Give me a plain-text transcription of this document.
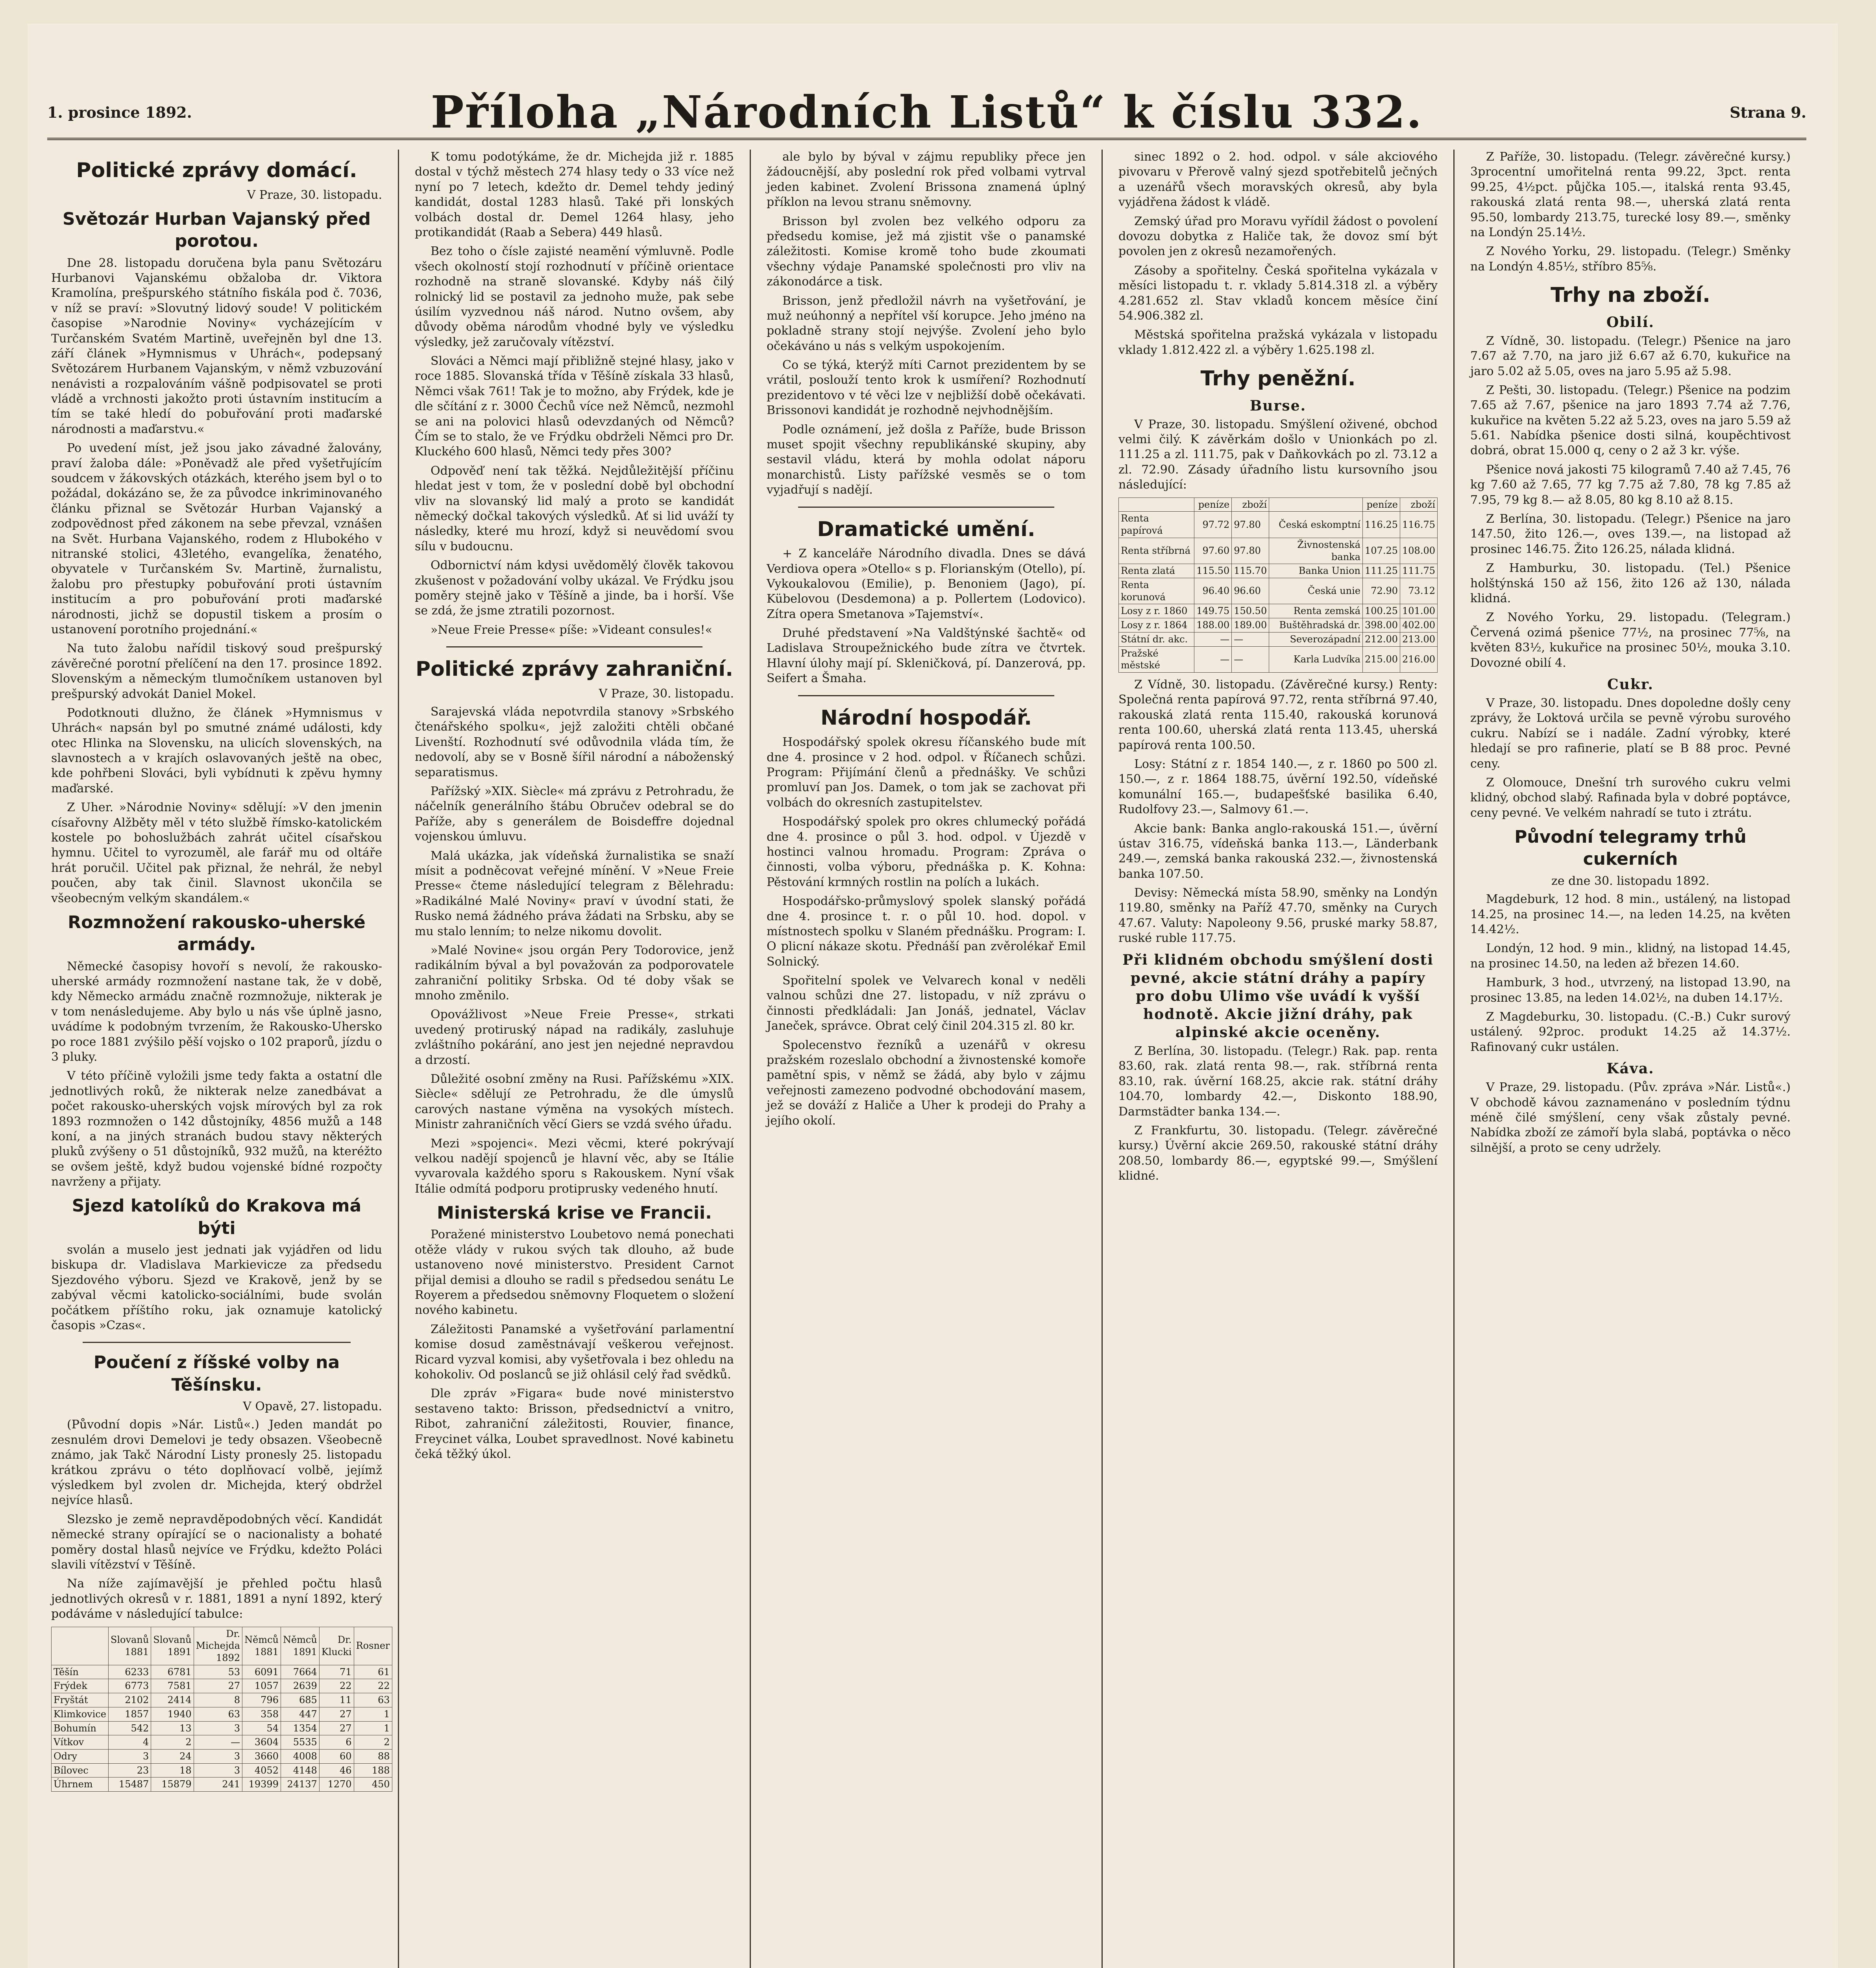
1. prosince 1892.	Příloha „Národních Listů“ k číslu 332.	Strana 9.
Politické zprávy domácí.
V Praze, 30. listopadu.
Světozár Hurban Vajanský před porotou.

Dne 28. listopadu doručena byla panu Světozáru Hurbanovi Vajanskému obžaloba dr. Viktora Kramolína, prešpurského státního fiskála pod č. 7036, v níž se praví: »Slovutný lidový soude! V politickém časopise »Narodnie Noviny« vycházejícím v Turčanském Svatém Martině, uveřejněn byl dne 13. září článek »Hymnismus v Uhrách«, podepsaný Světozárem Hurbanem Vajanským, v němž vzbuzování nenávisti a rozpalováním vášně podpisovatel se proti vládě a vrchnosti jakožto proti ústavním institucím a tím se také hledí do pobuřování proti maďarské národnosti a maďarstvu.«

Po uvedení míst, jež jsou jako závadné žalovány, praví žaloba dále: »Poněvadž ale před vyšetřujícím soudcem v žákovských otázkách, kterého jsem byl o to požádal, dokázáno se, že za původce inkriminovaného článku přiznal se Světozár Hurban Vajanský a zodpovědnost před zákonem na sebe převzal, vznášen na Svět. Hurbana Vajanského, rodem z Hlubokého v nitranské stolici, 43letého, evangelíka, ženatého, obyvatele v Turčanském Sv. Martině, žurnalistu, žalobu pro přestupky pobuřování proti ústavním institucím a pro pobuřování proti maďarské národnosti, jichž se dopustil tiskem a prosím o ustanovení porotního projednání.«

Na tuto žalobu nařídil tiskový soud prešpurský závěrečné porotní přelíčení na den 17. prosince 1892. Slovenským a německým tlumočníkem ustanoven byl prešpurský advokát Daniel Mokel.

Podotknouti dlužno, že článek »Hymnismus v Uhrách« napsán byl po smutné známé události, kdy otec Hlinka na Slovensku, na ulicích slovenských, na slavnostech a v krajích oslavovaných ještě na obec, kde pohřbeni Slováci, byli vybídnuti k zpěvu hymny maďarské.

Z Uher. »Národnie Noviny« sdělují: »V den jmenin císařovny Alžběty měl v této službě římsko-katolickém kostele po bohoslužbách zahrát učitel císařskou hymnu. Učitel to vyrozuměl, ale farář mu od oltáře hrát poručil. Učitel pak přiznal, že nehrál, že nebyl poučen, aby tak činil. Slavnost ukončila se všeobecným velkým skandálem.«

Rozmnožení rakousko-uherské armády.

Německé časopisy hovoří s nevolí, že rakousko-uherské armády rozmnožení nastane tak, že v době, kdy Německo armádu značně rozmnožuje, nikterak je v tom nenásledujeme. Aby bylo u nás vše úplně jasno, uvádíme k podobným tvrzením, že Rakousko-Uhersko po roce 1881 zvýšilo pěší vojsko o 102 praporů, jízdu o 3 pluky.

V této příčině vyložili jsme tedy fakta a ostatní dle jednotlivých roků, že nikterak nelze zanedbávat a počet rakousko-uherských vojsk mírových byl za rok 1893 rozmnožen o 142 důstojníky, 4856 mužů a 148 koní, a na jiných stranách budou stavy některých pluků zvýšeny o 51 důstojníků, 932 mužů, na kteréžto se ovšem ještě, když budou vojenské bídné rozpočty navrženy a přijaty.

Sjezd katolíků do Krakova má býti

svolán a muselo jest jednati jak vyjádřen od lidu biskupa dr. Vladislava Markievicze za předsedu Sjezdového výboru. Sjezd ve Krakově, jenž by se zabýval věcmi katolicko-sociálními, bude svolán počátkem příštího roku, jak oznamuje katolický časopis »Czas«.

Poučení z říšské volby na Těšínsku.
V Opavě, 27. listopadu.

(Původní dopis »Nár. Listů«.) Jeden mandát po zesnulém drovi Demelovi je tedy obsazen. Všeobecně známo, jak Takč Národní Listy pronesly 25. listopadu krátkou zprávu o této doplňovací volbě, jejímž výsledkem byl zvolen dr. Michejda, který obdržel nejvíce hlasů.

Slezsko je země nepravděpodobných věcí. Kandidát německé strany opírající se o nacionalisty a bohaté poměry dostal hlasů nejvíce ve Frýdku, kdežto Poláci slavili vítězství v Těšíně.

Na níže zajímavější je přehled počtu hlasů jednotlivých okresů v r. 1881, 1891 a nyní 1892, který podáváme v následující tabulce:

	Slovanů 1881	Slovanů 1891	Dr. Michejda 1892	Němců 1881	Němců 1891	Dr. Klucki	Rosner
Těšín	6233	6781	53	6091	7664	71	61
Frýdek	6773	7581	27	1057	2639	22	22
Fryštát	2102	2414	8	796	685	11	63
Klimkovice	1857	1940	63	358	447	27	1
Bohumín	542	13	3	54	1354	27	1
Vítkov	4	2	—	3604	5535	6	2
Odry	3	24	3	3660	4008	60	88
Bílovec	23	18	3	4052	4148	46	188
Úhrnem	15487	15879	241	19399	24137	1270	450

K tomu podotýkáme, že dr. Michejda již r. 1885 dostal v týchž městech 274 hlasy tedy o 33 více než nyní po 7 letech, kdežto dr. Demel tehdy jediný kandidát, dostal 1283 hlasů. Také při lonských volbách dostal dr. Demel 1264 hlasy, jeho protikandidát (Raab a Sebera) 449 hlasů.

Bez toho o čísle zajisté neamění výmluvně. Podle všech okolností stojí rozhodnutí v příčině orientace rozhodně na straně slovanské. Kdyby náš čilý rolnický lid se postavil za jednoho muže, pak sebe úsilím vyzvednou náš národ. Nutno ovšem, aby důvody oběma národům vhodné byly ve výsledku výsledky, jež zaručovaly vítězství.

Slováci a Němci mají přibližně stejné hlasy, jako v roce 1885. Slovanská třída v Těšíně získala 33 hlasů, Němci však 761! Tak je to možno, aby Frýdek, kde je dle sčítání z r. 3000 Čechů více než Němců, nezmohl se ani na polovici hlasů odevzdaných od Němců? Čím se to stalo, že ve Frýdku obdrželi Němci pro Dr. Kluckého 600 hlasů, Němci tedy přes 300?

Odpověď není tak těžká. Nejdůležitější příčinu hledat jest v tom, že v poslední době byl obchodní vliv na slovanský lid malý a proto se kandidát německý dočkal takových výsledků. Ať si lid uváží ty následky, které mu hrozí, když si neuvědomí svou sílu v budoucnu.

Odbornictví nám kdysi uvědomělý člověk takovou zkušenost v požadování volby ukázal. Ve Frýdku jsou poměry stejně jako v Těšíně a jinde, ba i horší. Vše se zdá, že jsme ztratili pozornost.

»Neue Freie Presse« píše: »Videant consules!«

Politické zprávy zahraniční.
V Praze, 30. listopadu.

Sarajevská vláda nepotvrdila stanovy »Srbského čtenářského spolku«, jejž založiti chtěli občané Livenští. Rozhodnutí své odůvodnila vláda tím, že nedovolí, aby se v Bosně šířil národní a náboženský separatismus.

Pařížský »XIX. Siècle« má zprávu z Petrohradu, že náčelník generálního štábu Obručev odebral se do Paříže, aby s generálem de Boisdeffre dojednal vojenskou úmluvu.

Malá ukázka, jak vídeňská žurnalistika se snaží mísit a podněcovat veřejné mínění. V »Neue Freie Presse« čteme následující telegram z Bělehradu: »Radikálné Malé Noviny« praví v úvodní stati, že Rusko nemá žádného práva žádati na Srbsku, aby se mu stalo lenním; to nelze nikomu dovolit.

»Malé Novine« jsou orgán Pery Todorovice, jenž radikálním býval a byl považován za podporovatele zahraniční politiky Srbska. Od té doby však se mnoho změnilo.

Opovážlivost »Neue Freie Presse«, strkati uvedený protiruský nápad na radikály, zasluhuje zvláštního pokárání, ano jest jen nejedné nepravdou a drzostí.

Důležité osobní změny na Rusi. Pařížskému »XIX. Siècle« sdělují ze Petrohradu, že dle úmyslů carových nastane výměna na vysokých místech. Ministr zahraničních věcí Giers se vzdá svého úřadu.

Mezi »spojenci«. Mezi věcmi, které pokrývají velkou nadějí spojenců je hlavní věc, aby se Itálie vyvarovala každého sporu s Rakouskem. Nyní však Itálie odmítá podporu protiprusky vedeného hnutí.

Ministerská krise ve Francii.

Poražené ministerstvo Loubetovo nemá ponechati otěže vlády v rukou svých tak dlouho, až bude ustanoveno nové ministerstvo. President Carnot přijal demisi a dlouho se radil s předsedou senátu Le Royerem a předsedou sněmovny Floquetem o složení nového kabinetu.

Záležitosti Panamské a vyšetřování parlamentní komise dosud zaměstnávají veškerou veřejnost. Ricard vyzval komisi, aby vyšetřovala i bez ohledu na kohokoliv. Od poslanců se již ohlásil celý řad svědků.

Dle zpráv »Figara« bude nové ministerstvo sestaveno takto: Brisson, předsednictví a vnitro, Ribot, zahraniční záležitosti, Rouvier, finance, Freycinet válka, Loubet spravedlnost. Nové kabinetu čeká těžký úkol.

ale bylo by býval v zájmu republiky přece jen žádoucnější, aby poslední rok před volbami vytrval jeden kabinet. Zvolení Brissona znamená úplný příklon na levou stranu sněmovny.

Brisson byl zvolen bez velkého odporu za předsedu komise, jež má zjistit vše o panamské záležitosti. Komise kromě toho bude zkoumati všechny výdaje Panamské společnosti pro vliv na zákonodárce a tisk.

Brisson, jenž předložil návrh na vyšetřování, je muž neúhonný a nepřítel vší korupce. Jeho jméno na pokladně strany stojí nejvýše. Zvolení jeho bylo očekáváno u nás s velkým uspokojením.

Co se týká, kterýž míti Carnot prezidentem by se vrátil, poslouží tento krok k usmíření? Rozhodnutí prezidentovo v té věci lze v nejbližší době očekávati. Brissonovi kandidát je rozhodně nejvhodnějším.

Podle oznámení, jež došla z Paříže, bude Brisson muset spojit všechny republikánské skupiny, aby sestavil vládu, která by mohla odolat náporu monarchistů. Listy pařížské vesměs se o tom vyjadřují s nadějí.

Dramatické umění.

+ Z kanceláře Národního divadla. Dnes se dává Verdiova opera »Otello« s p. Florianským (Otello), pí. Vykoukalovou (Emilie), p. Benoniem (Jago), pí. Kübelovou (Desdemona) a p. Pollertem (Lodovico). Zítra opera Smetanova »Tajemství«.

Druhé představení »Na Valdštýnské šachtě« od Ladislava Stroupežnického bude zítra ve čtvrtek. Hlavní úlohy mají pí. Skleničková, pí. Danzerová, pp. Seifert a Šmaha.

Národní hospodář.

Hospodářský spolek okresu říčanského bude mít dne 4. prosince v 2 hod. odpol. v Říčanech schůzi. Program: Přijímání členů a přednášky. Ve schůzi promluví pan Jos. Damek, o tom jak se zachovat při volbách do okresních zastupitelstev.

Hospodářský spolek pro okres chlumecký pořádá dne 4. prosince o půl 3. hod. odpol. v Újezdě v hostinci valnou hromadu. Program: Zpráva o činnosti, volba výboru, přednáška p. K. Kohna: Pěstování krmných rostlin na polích a lukách.

Hospodářsko-průmyslový spolek slanský pořádá dne 4. prosince t. r. o půl 10. hod. dopol. v místnostech spolku v Slaném přednášku. Program: I. O plicní nákaze skotu. Přednáší pan zvěrolékař Emil Solnický.

Spořitelní spolek ve Velvarech konal v neděli valnou schůzi dne 27. listopadu, v níž zprávu o činnosti předkládali: Jan Jonáš, jednatel, Václav Janeček, správce. Obrat celý činil 204.315 zl. 80 kr.

Spolecenstvo řezníků a uzenářů v okresu pražském rozeslalo obchodní a živnostenské komoře pamětní spis, v němž se žádá, aby bylo v zájmu veřejnosti zamezeno podvodné obchodování masem, jež se dováží z Haliče a Uher k prodeji do Prahy a jejího okolí.

sinec 1892 o 2. hod. odpol. v sále akciového pivovaru v Přerově valný sjezd spotřebitelů ječných a uzenářů všech moravských okresů, aby byla vyjádřena žádost k vládě.

Zemský úřad pro Moravu vyřídil žádost o povolení dovozu dobytka z Haliče tak, že dovoz smí být povolen jen z okresů nezamořených.

Zásoby a spořitelny. Česká spořitelna vykázala v měsíci listopadu t. r. vklady 5.814.318 zl. a výběry 4.281.652 zl. Stav vkladů koncem měsíce činí 54.906.382 zl.

Městská spořitelna pražská vykázala v listopadu vklady 1.812.422 zl. a výběry 1.625.198 zl.

Trhy peněžní.
Burse.

V Praze, 30. listopadu. Smýšlení oživené, obchod velmi čilý. K závěrkám došlo v Unionkách po zl. 111.25 a zl. 111.75, pak v Daňkovkách po zl. 73.12 a zl. 72.90. Zásady úřadního listu kursovního jsou následující:

	peníze	zboží		peníze	zboží
Renta papírová	97.72	97.80	Česká eskomptní	116.25	116.75
Renta stříbrná	97.60	97.80	Živnostenská banka	107.25	108.00
Renta zlatá	115.50	115.70	Banka Union	111.25	111.75
Renta korunová	96.40	96.60	Česká unie	72.90	73.12
Losy z r. 1860	149.75	150.50	Renta zemská	100.25	101.00
Losy z r. 1864	188.00	189.00	Buštěhradská dr.	398.00	402.00
Státní dr. akc.	—	—	Severozápadní	212.00	213.00
Pražské městské	—	—	Karla Ludvíka	215.00	216.00

Z Vídně, 30. listopadu. (Závěrečné kursy.) Renty: Společná renta papírová 97.72, renta stříbrná 97.40, rakouská zlatá renta 115.40, rakouská korunová renta 100.60, uherská zlatá renta 113.45, uherská papírová renta 100.50.

Losy: Státní z r. 1854 140.—, z r. 1860 po 500 zl. 150.—, z r. 1864 188.75, úvěrní 192.50, vídeňské komunální 165.—, budapešťské basilika 6.40, Rudolfovy 23.—, Salmovy 61.—.

Akcie bank: Banka anglo-rakouská 151.—, úvěrní ústav 316.75, vídeňská banka 113.—, Länderbank 249.—, zemská banka rakouská 232.—, živnostenská banka 107.50.

Devisy: Německá místa 58.90, směnky na Londýn 119.80, směnky na Paříž 47.70, směnky na Curych 47.67. Valuty: Napoleony 9.56, pruské marky 58.87, ruské ruble 117.75.

Při klidném obchodu smýšlení dosti pevné, akcie státní dráhy a papíry pro dobu Ulimo vše uvádí k vyšší hodnotě. Akcie jižní dráhy, pak alpinské akcie oceněny.

Z Berlína, 30. listopadu. (Telegr.) Rak. pap. renta 83.60, rak. zlatá renta 98.—, rak. stříbrná renta 83.10, rak. úvěrní 168.25, akcie rak. státní dráhy 104.70, lombardy 42.—, Diskonto 188.90, Darmstädter banka 134.—.

Z Frankfurtu, 30. listopadu. (Telegr. závěrečné kursy.) Úvěrní akcie 269.50, rakouské státní dráhy 208.50, lombardy 86.—, egyptské 99.—, Smýšlení klidné.

Z Paříže, 30. listopadu. (Telegr. závěrečné kursy.) 3procentní umořitelná renta 99.22, 3pct. renta 99.25, 4½pct. půjčka 105.—, italská renta 93.45, rakouská zlatá renta 98.—, uherská zlatá renta 95.50, lombardy 213.75, turecké losy 89.—, směnky na Londýn 25.14½.

Z Nového Yorku, 29. listopadu. (Telegr.) Směnky na Londýn 4.85½, stříbro 85⅝.

Trhy na zboží.
Obilí.

Z Vídně, 30. listopadu. (Telegr.) Pšenice na jaro 7.67 až 7.70, na jaro již 6.67 až 6.70, kukuřice na jaro 5.02 až 5.05, oves na jaro 5.95 až 5.98.

Z Pešti, 30. listopadu. (Telegr.) Pšenice na podzim 7.65 až 7.67, pšenice na jaro 1893 7.74 až 7.76, kukuřice na květen 5.22 až 5.23, oves na jaro 5.59 až 5.61. Nabídka pšenice dosti silná, koupěchtivost dobrá, obrat 15.000 q, ceny o 2 až 3 kr. výše.

Pšenice nová jakosti 75 kilogramů 7.40 až 7.45, 76 kg 7.60 až 7.65, 77 kg 7.75 až 7.80, 78 kg 7.85 až 7.95, 79 kg 8.— až 8.05, 80 kg 8.10 až 8.15.

Z Berlína, 30. listopadu. (Telegr.) Pšenice na jaro 147.50, žito 126.—, oves 139.—, na listopad až prosinec 146.75. Žito 126.25, nálada klidná.

Z Hamburku, 30. listopadu. (Tel.) Pšenice holštýnská 150 až 156, žito 126 až 130, nálada klidná.

Z Nového Yorku, 29. listopadu. (Telegram.) Červená ozimá pšenice 77½, na prosinec 77⅝, na květen 83½, kukuřice na prosinec 50½, mouka 3.10. Dovozné obilí 4.

Cukr.

V Praze, 30. listopadu. Dnes dopoledne došly ceny zprávy, že Loktová určila se pevně výrobu surového cukru. Nabízí se i nadále. Zadní výrobky, které hledají se pro rafinerie, platí se B 88 proc. Pevné ceny.

Z Olomouce, Dnešní trh surového cukru velmi klidný, obchod slabý. Rafinada byla v dobré poptávce, ceny pevné. Ve velkém nahradí se tuto i ztrátu.

Původní telegramy trhů cukerních
ze dne 30. listopadu 1892.

Magdeburk, 12 hod. 8 min., ustálený, na listopad 14.25, na prosinec 14.—, na leden 14.25, na květen 14.42½.

Londýn, 12 hod. 9 min., klidný, na listopad 14.45, na prosinec 14.50, na leden až březen 14.60.

Hamburk, 3 hod., utvrzený, na listopad 13.90, na prosinec 13.85, na leden 14.02½, na duben 14.17½.

Z Magdeburku, 30. listopadu. (C.-B.) Cukr surový ustálený. 92proc. produkt 14.25 až 14.37½. Rafinovaný cukr ustálen.

Káva.

V Praze, 29. listopadu. (Pův. zpráva »Nár. Listů«.) V obchodě kávou zaznamenáno v posledním týdnu méně čilé smýšlení, ceny však zůstaly pevné. Nabídka zboží ze zámoří byla slabá, poptávka o něco silnější, a proto se ceny udržely.
